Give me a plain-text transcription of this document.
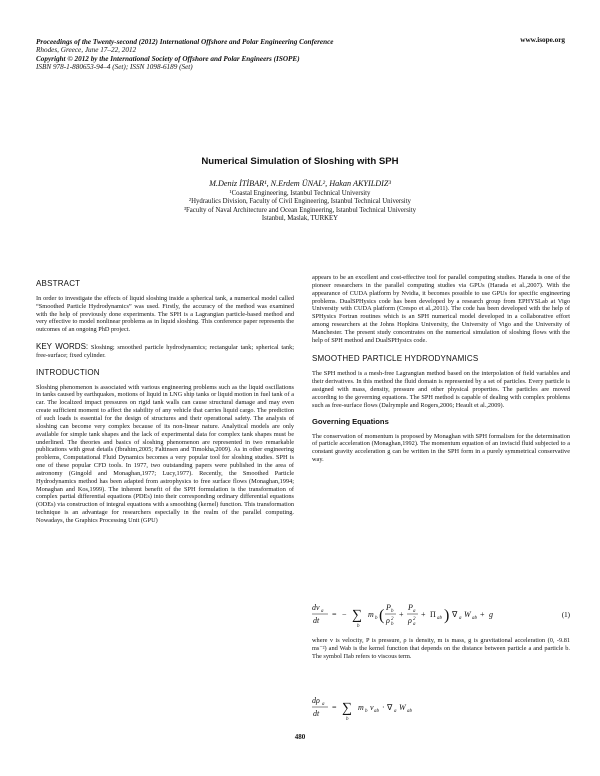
Proceedings of the Twenty-second (2012) International Offshore and Polar Engineering Conference
Rhodes, Greece, June 17–22, 2012
Copyright © 2012 by the International Society of Offshore and Polar Engineers (ISOPE)
ISBN 978-1-880653-94–4 (Set); ISSN 1098-6189 (Set)
www.isope.org
Numerical Simulation of Sloshing with SPH
M.Deniz İTİBAR¹, N.Erdem ÜNAL², Hakan AKYILDIZ³
¹Coastal Engineering, Istanbul Technical University
²Hydraulics Division, Faculty of Civil Engineering, Istanbul Technical University
³Faculty of Naval Architecture and Ocean Engineering, Istanbul Technical University
Istanbul, Maslak, TURKEY

ABSTRACT

In order to investigate the effects of liquid sloshing inside a spherical tank, a numerical model called “Smoothed Particle Hydrodynamics” was used. Firstly, the accuracy of the method was examined with the help of previously done experiments. The SPH is a Lagrangian particle-based method and very effective to model nonlinear problems as in liquid sloshing. This conference paper represents the outcomes of an ongoing PhD project.

KEY WORDS: Sloshing; smoothed particle hydrodynamics; rectangular tank; spherical tank; free-surface; fixed cylinder.

INTRODUCTION

Sloshing phenomenon is associated with various engineering problems such as the liquid oscillations in tanks caused by earthquakes, motions of liquid in LNG ship tanks or liquid motion in fuel tank of a car. The localized impact pressures on rigid tank walls can cause structural damage and may even create sufficient moment to affect the stability of any vehicle that carries liquid cargo. The prediction of such loads is essential for the design of structures and their operational safety. The analysis of sloshing can become very complex because of its non-linear nature. Analytical models are only available for simple tank shapes and the lack of experimental data for complex tank shapes must be underlined. The theories and basics of sloshing phenomenon are represented in two remarkable publications with great details (Ibrahim,2005; Faltinsen and Timokha,2009). As in other engineering problems, Computational Fluid Dynamics becomes a very popular tool for sloshing studies. SPH is one of these popular CFD tools. In 1977, two outstanding papers were published in the area of astronomy (Gingold and Monaghan,1977; Lucy,1977). Recently, the Smoothed Particle Hydrodynamics method has been adapted from astrophysics to free surface flows (Monaghan,1994; Monaghan and Kos,1999). The inherent benefit of the SPH formulation is the transformation of complex partial differential equations (PDEs) into their corresponding ordinary differential equations (ODEs) via construction of integral equations with a smoothing (kernel) function. This transformation technique is an advantage for researchers especially in the realm of the parallel computing. Nowadays, the Graphics Processing Unit (GPU)

appears to be an excellent and cost-effective tool for parallel computing studies. Harada is one of the pioneer researchers in the parallel computing studies via GPUs (Harada et al.,2007). With the appearance of CUDA platform by Nvidia, it becomes possible to use GPUs for specific engineering problems. DualSPHysics code has been developed by a research group from EPHYSLab at Vigo University with CUDA platform (Crespo et al.,2011). The code has been developed with the help of SPHysics Fortran routines which is an SPH numerical model developed in a collaborative effort among researchers at the Johns Hopkins University, the University of Vigo and the University of Manchester. The present study concentrates on the numerical simulation of sloshing flows with the help of SPH method and DualSPHysics code.

SMOOTHED PARTICLE HYDRODYNAMICS

The SPH method is a mesh-free Lagrangian method based on the interpolation of field variables and their derivatives. In this method the fluid domain is represented by a set of particles. Every particle is assigned with mass, density, pressure and other physical properties. The particles are moved according to the governing equations. The SPH method is capable of dealing with complex problems such as free-surface flows (Dalrymple and Rogers,2006; Heault et al.,2009).

Governing Equations

The conservation of momentum is proposed by Monaghan with SPH formalism for the determination of particle acceleration (Monaghan,1992). The momentum equation of an inviscid fluid subjected to a constant gravity acceleration g can be written in the SPH form in a purely symmetrical conservative way.

dv a
dt
= − ∑
b
m b ( P b
ρ b
2
+
P a
ρ a
2
+ Π ab ) ∇ a W ab + g	(1)

where v is velocity, P is pressure, ρ is density, m is mass, g is gravitational acceleration (0, -9.81 ms⁻²) and Wab is the kernel function that depends on the distance between particle a and particle b. The symbol Πab refers to viscous term.

dρ a
dt
= ∑
b
m b v ab · ∇ a W ab
480
